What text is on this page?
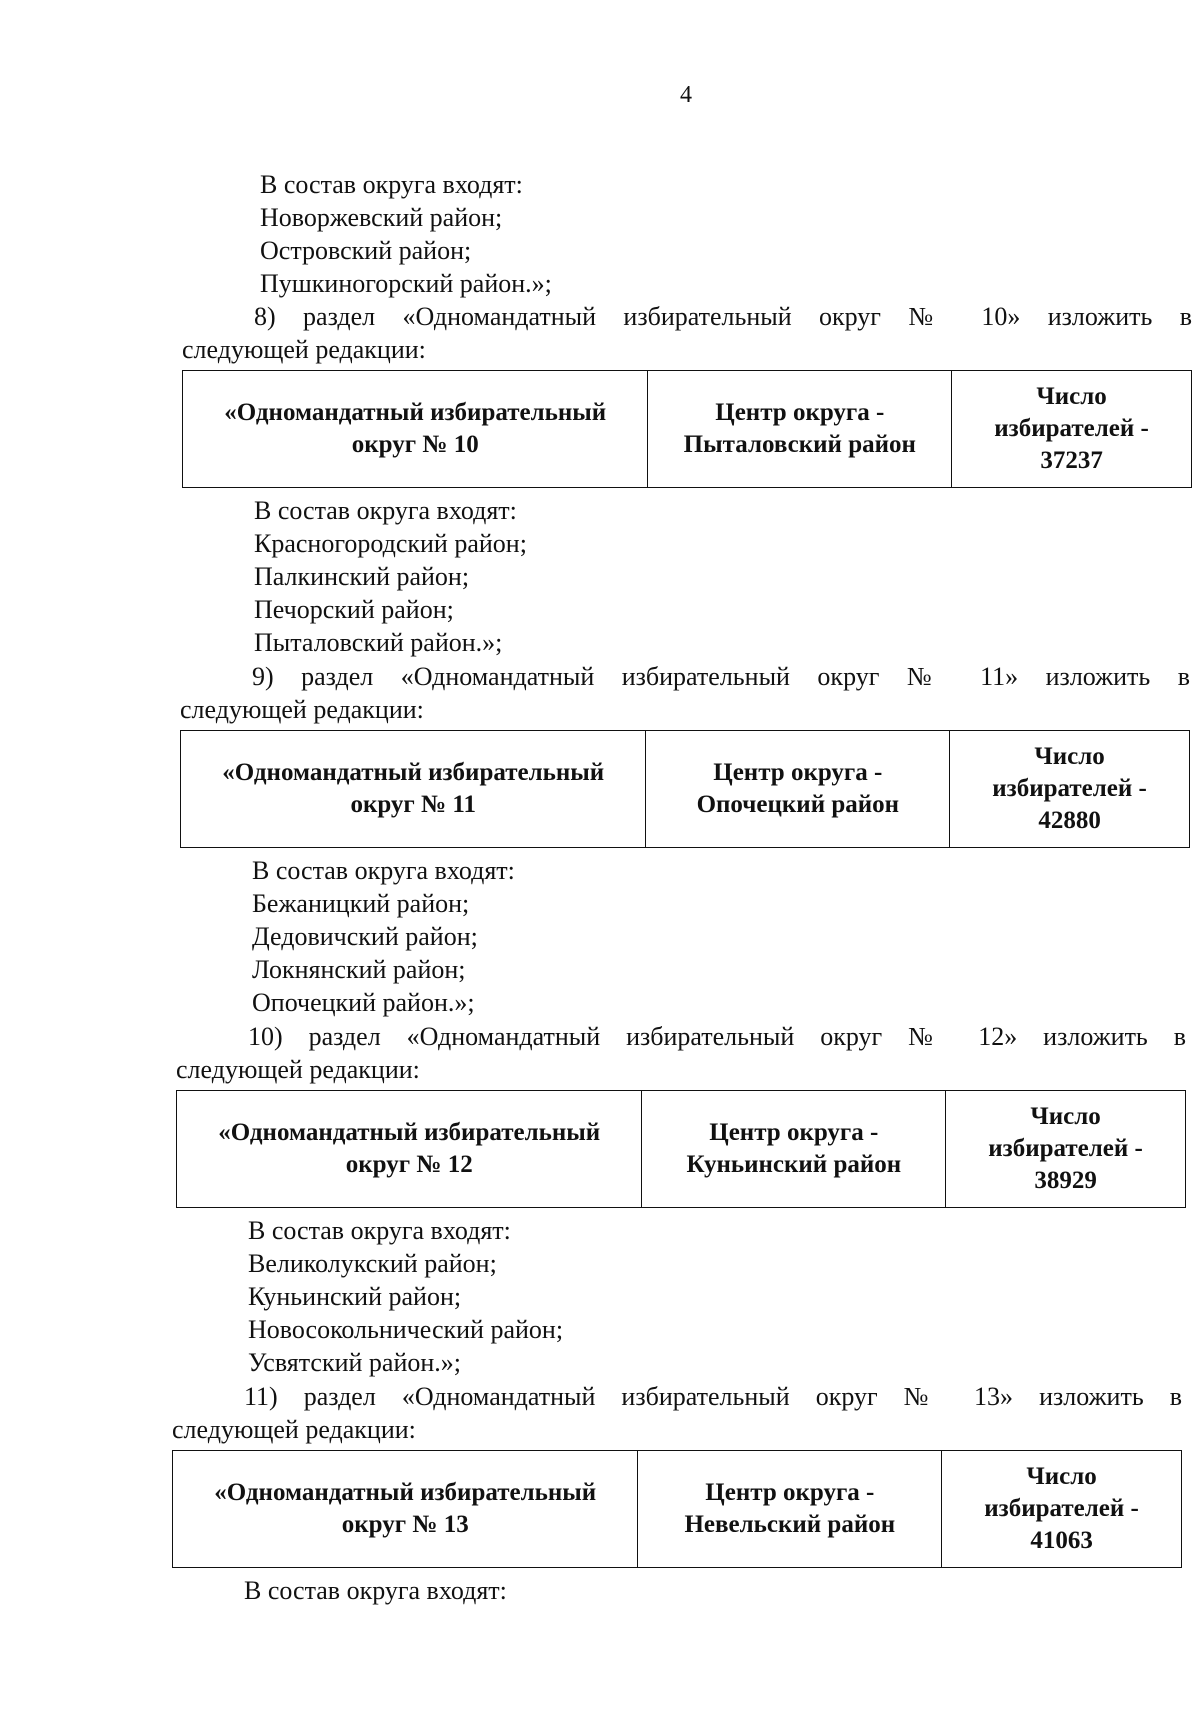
4
В состав округа входят:
Новоржевский район;
Островский район;
Пушкиногорский район.»;
8) раздел «Одномандатный избирательный округ № 10» изложить в
следующей редакции:
«Одномандатный избирательный
округ № 10

Центр округа -
Пыталовский район

Число
избирателей -
37237
В состав округа входят:
Красногородский район;
Палкинский район;
Печорский район;
Пыталовский район.»;
9) раздел «Одномандатный избирательный округ № 11» изложить в
следующей редакции:
«Одномандатный избирательный
округ № 11

Центр округа -
Опочецкий район

Число
избирателей -
42880
В состав округа входят:
Бежаницкий район;
Дедовичский район;
Локнянский район;
Опочецкий район.»;
10) раздел «Одномандатный избирательный округ № 12» изложить в
следующей редакции:
«Одномандатный избирательный
округ № 12

Центр округа -
Куньинский район

Число
избирателей -
38929
В состав округа входят:
Великолукский район;
Куньинский район;
Новосокольнический район;
Усвятский район.»;
11) раздел «Одномандатный избирательный округ № 13» изложить в
следующей редакции:
«Одномандатный избирательный
округ № 13

Центр округа -
Невельский район

Число
избирателей -
41063
В состав округа входят:
